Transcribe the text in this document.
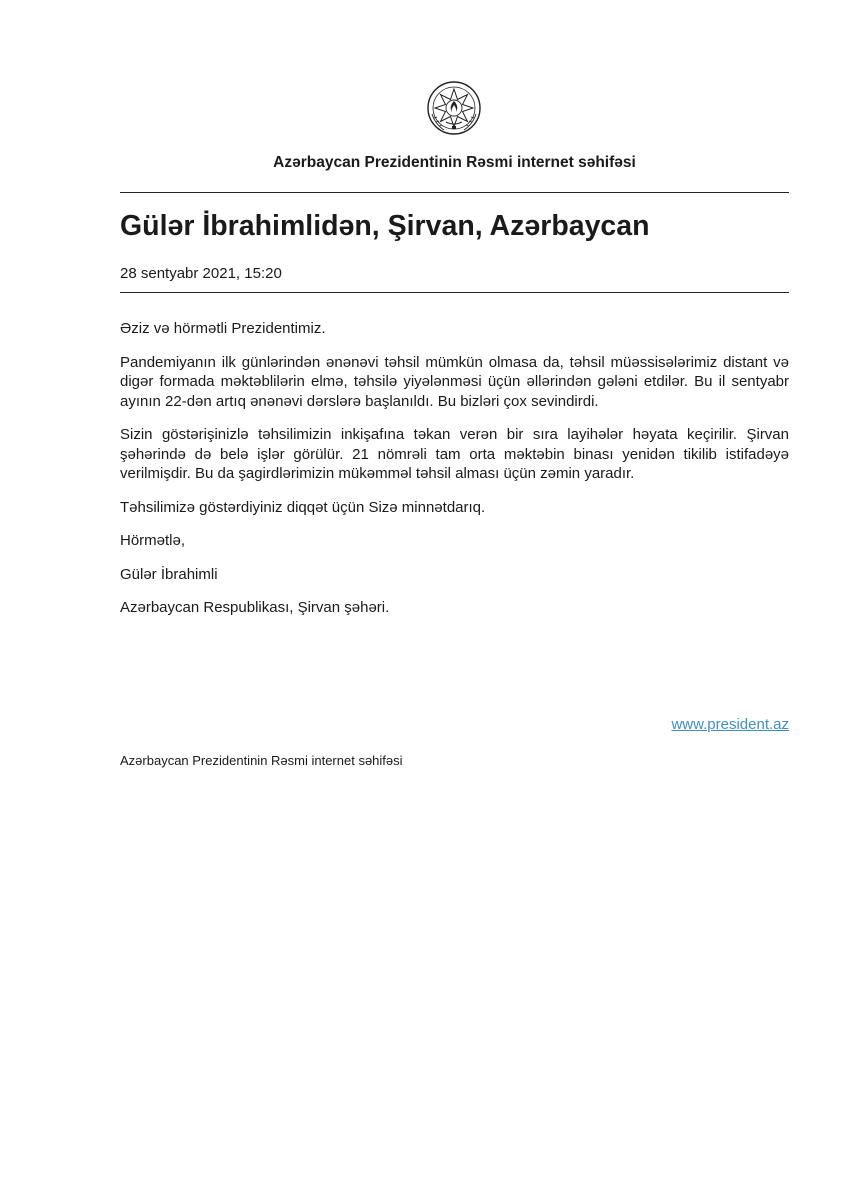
Azərbaycan Prezidentinin Rəsmi internet səhifəsi
Gülər İbrahimlidən, Şirvan, Azərbaycan
28 sentyabr 2021, 15:20

Əziz və hörmətli Prezidentimiz.

Pandemiyanın ilk günlərindən ənənəvi təhsil mümkün olmasa da, təhsil müəssisələrimiz distant və digər formada məktəblilərin elmə, təhsilə yiyələnməsi üçün əllərindən gələni etdilər. Bu il sentyabr ayının 22-dən artıq ənənəvi dərslərə başlanıldı. Bu bizləri çox sevindirdi.

Sizin göstərişinizlə təhsilimizin inkişafına təkan verən bir sıra layihələr həyata keçirilir. Şirvan şəhərində də belə işlər görülür. 21 nömrəli tam orta məktəbin binası yenidən tikilib istifadəyə verilmişdir. Bu da şagirdlərimizin mükəmməl təhsil alması üçün zəmin yaradır.

Təhsilimizə göstərdiyiniz diqqət üçün Sizə minnətdarıq.

Hörmətlə,

Gülər İbrahimli

Azərbaycan Respublikası, Şirvan şəhəri.

www.president.az
Azərbaycan Prezidentinin Rəsmi internet səhifəsi
